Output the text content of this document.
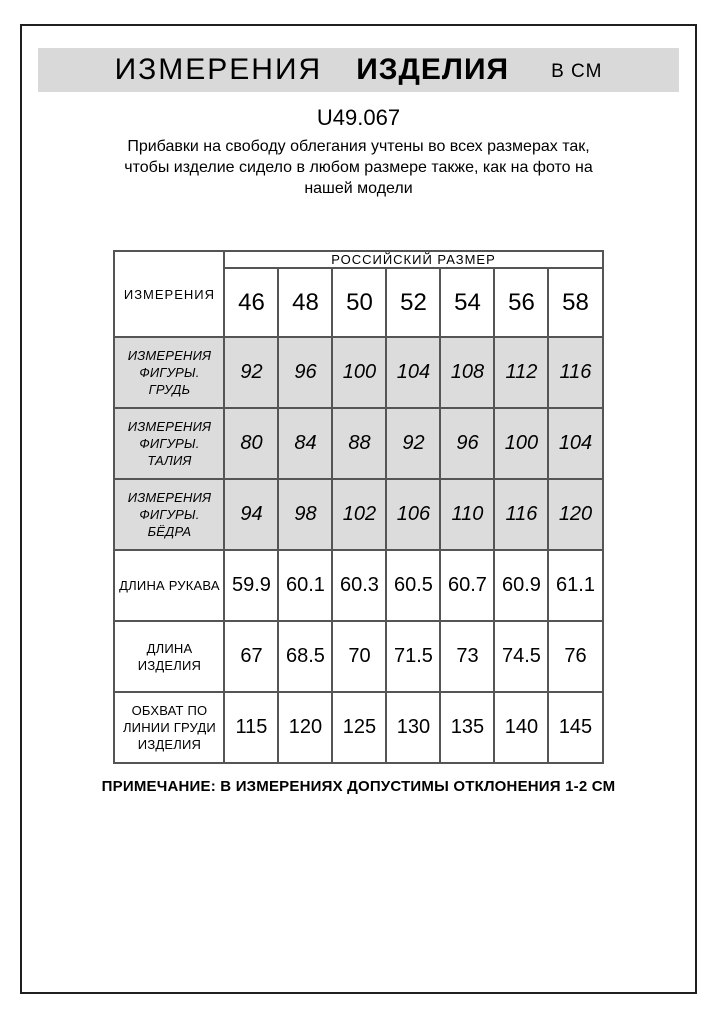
ИЗМЕРЕНИЯ ИЗДЕЛИЯ В СМ
U49.067
Прибавки на свободу облегания учтены во всех размерах так,
чтобы изделие сидело в любом размере также, как на фото на
нашей модели
ИЗМЕРЕНИЯ	РОССИЙСКИЙ РАЗМЕР						
	46	48	50	52	54	56	58
ИЗМЕРЕНИЯ ФИГУРЫ. ГРУДЬ	92	96	100	104	108	112	116
ИЗМЕРЕНИЯ ФИГУРЫ. ТАЛИЯ	80	84	88	92	96	100	104
ИЗМЕРЕНИЯ ФИГУРЫ. БЁДРА	94	98	102	106	110	116	120
ДЛИНА РУКАВА	59.9	60.1	60.3	60.5	60.7	60.9	61.1
ДЛИНА ИЗДЕЛИЯ	67	68.5	70	71.5	73	74.5	76
ОБХВАТ ПО ЛИНИИ ГРУДИ ИЗДЕЛИЯ	115	120	125	130	135	140	145
ПРИМЕЧАНИЕ: В ИЗМЕРЕНИЯХ ДОПУСТИМЫ ОТКЛОНЕНИЯ 1-2 СМ
